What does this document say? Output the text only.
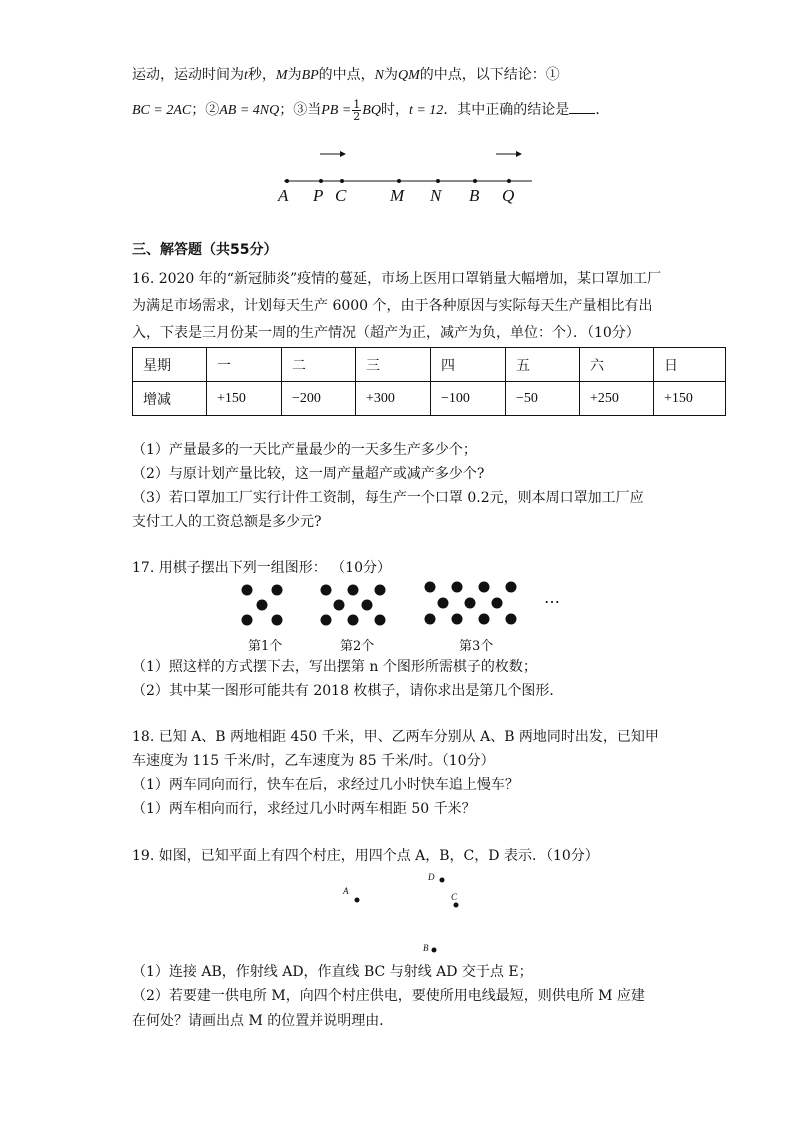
运动，运动时间为t秒，M为BP的中点，N为QM的中点，以下结论：①
BC = 2AC；②AB = 4NQ；③当PB = $\frac{1}{2}$ BQ时，t = 12．其中正确的结论是 ．
A P C	M N B Q
三、解答题（共55分）
16. 2020 年的“新冠肺炎”疫情的蔓延，市场上医用口罩销量大幅增加，某口罩加工厂
为满足市场需求，计划每天生产 6000 个，由于各种原因与实际每天生产量相比有出
入，下表是三月份某一周的生产情况（超产为正，减产为负，单位：个）．（10分）
星期	一	二	三	四	五	六	日
增减	+150	−200	+300	−100	−50	+250	+150
（1）产量最多的一天比产量最少的一天多生产多少个；
（2）与原计划产量比较，这一周产量超产或减产多少个?
（3）若口罩加工厂实行计件工资制，每生产一个口罩 0.2元，则本周口罩加工厂应
支付工人的工资总额是多少元?
17. 用棋子摆出下列一组图形： （10分）
⋯
第1个	第2个	第3个
（1）照这样的方式摆下去，写出摆第 n 个图形所需棋子的枚数；
（2）其中某一图形可能共有 2018 枚棋子，请你求出是第几个图形．
18. 已知 A、B 两地相距 450 千米，甲、乙两车分别从 A、B 两地同时出发，已知甲
车速度为 115 千米/时，乙车速度为 85 千米/时。（10分）
（1）两车同向而行，快车在后，求经过几小时快车追上慢车？
（1）两车相向而行，求经过几小时两车相距 50 千米？
19. 如图，已知平面上有四个村庄，用四个点 A，B，C，D 表示．（10分）
A
D
C
B
（1）连接 AB，作射线 AD，作直线 BC 与射线 AD 交于点 E；
（2）若要建一供电所 M，向四个村庄供电，要使所用电线最短，则供电所 M 应建
在何处？请画出点 M 的位置并说明理由．
